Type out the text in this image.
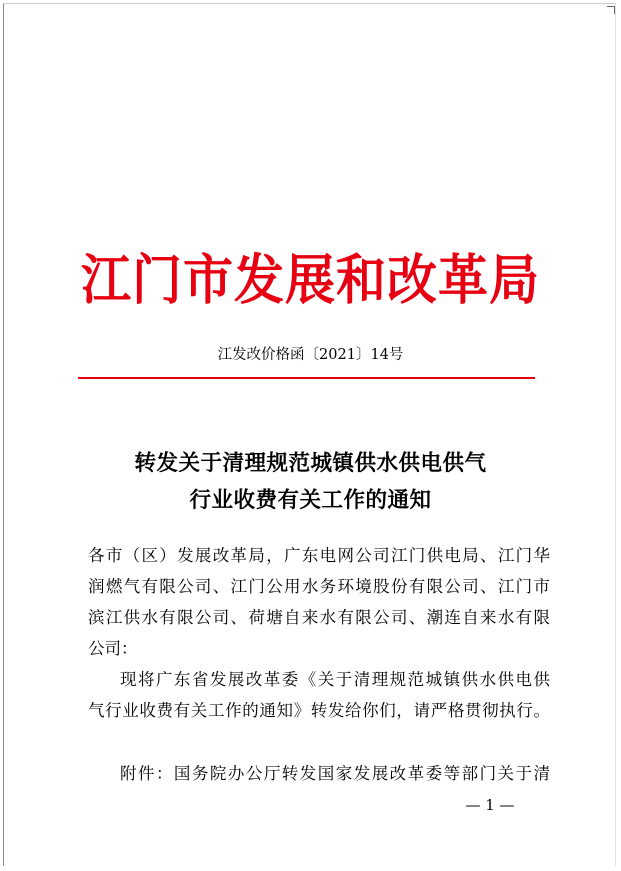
江门市发展和改革局
江发改价格函〔2021〕14号
转发关于清理规范城镇供水供电供气
行业收费有关工作的通知
各市（区）发展改革局，广东电网公司江门供电局、江门华
润燃气有限公司、江门公用水务环境股份有限公司、江门市
滨江供水有限公司、荷塘自来水有限公司、潮连自来水有限
公司：
现将广东省发展改革委《关于清理规范城镇供水供电供
气行业收费有关工作的通知》转发给你们，请严格贯彻执行。
附件：国务院办公厅转发国家发展改革委等部门关于清
— 1 —
